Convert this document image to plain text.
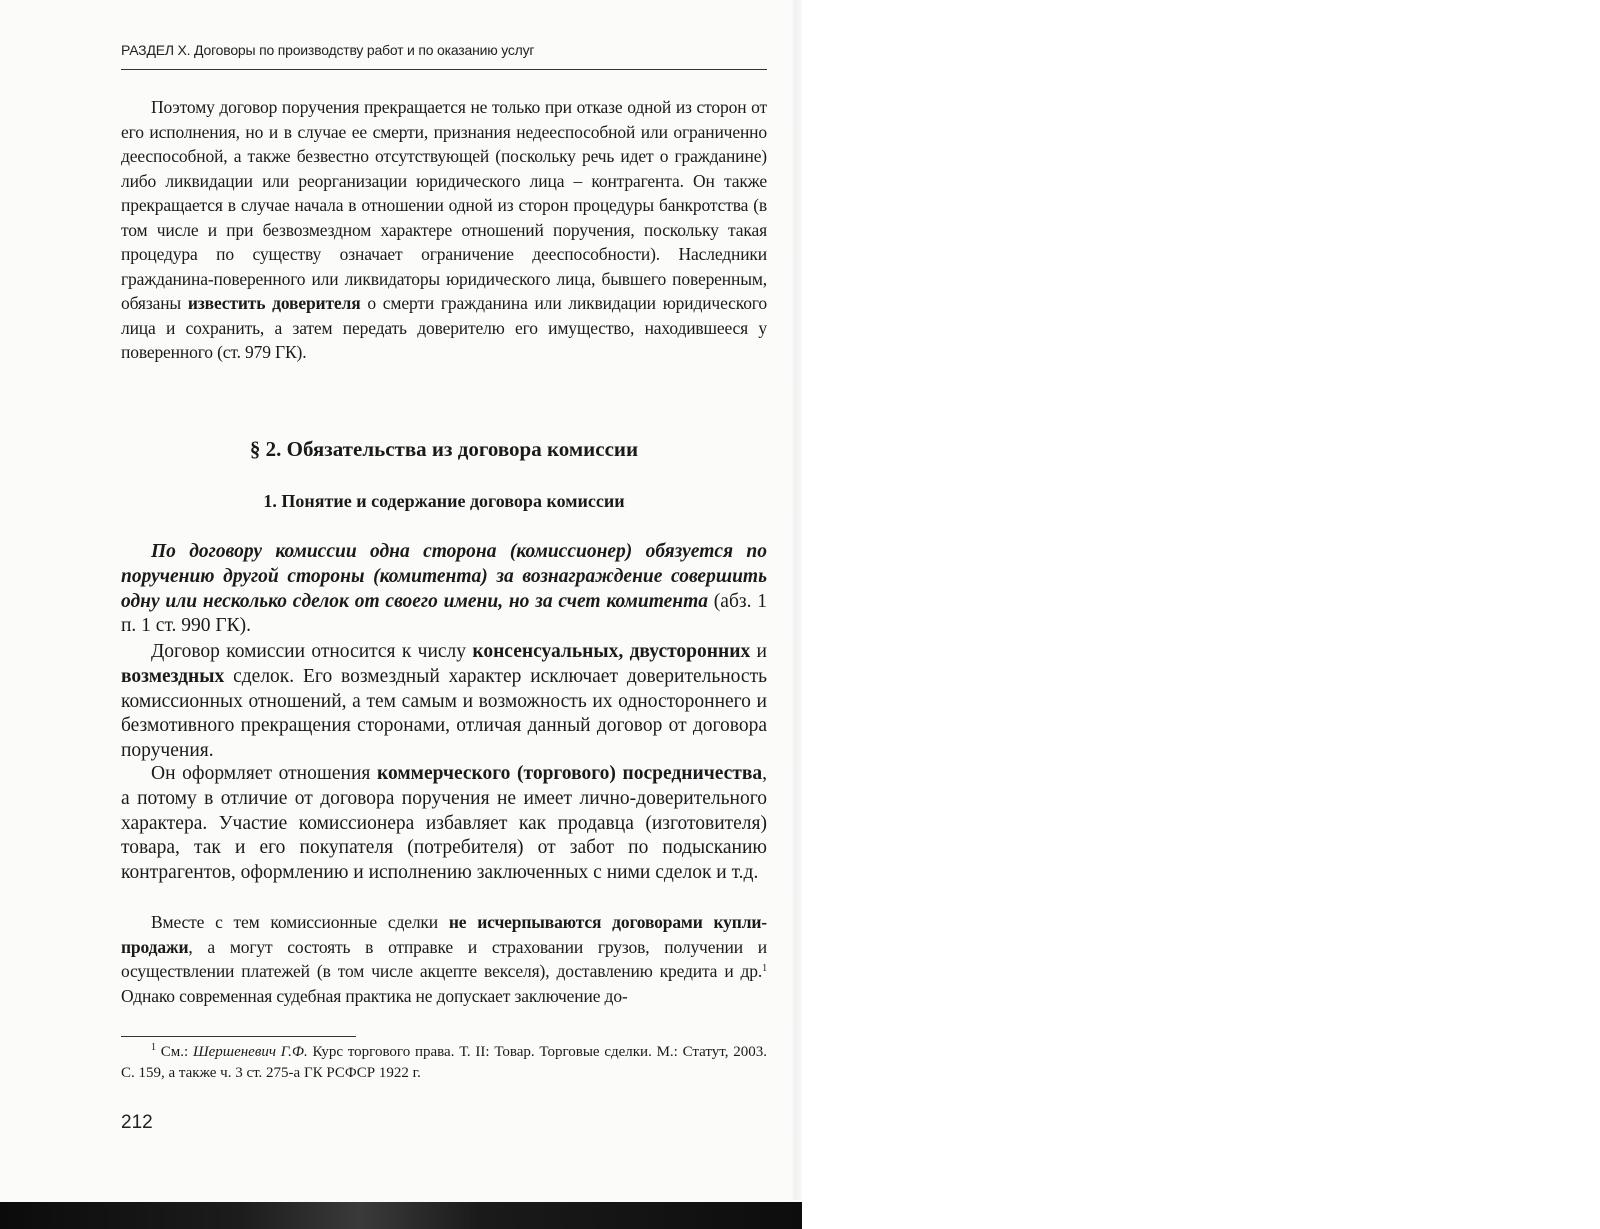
РАЗДЕЛ X. Договоры по производству работ и по оказанию услуг
Поэтому договор поручения прекращается не только при отказе одной из сторон от его исполнения, но и в случае ее смерти, признания недееспособной или ограниченно дееспособной, а также безвестно отсутствующей (поскольку речь идет о гражданине) либо ликвидации или реорганизации юридического лица – контрагента. Он также прекращается в случае начала в отношении одной из сторон процедуры банкротства (в том числе и при безвозмездном характере отношений поручения, поскольку такая процедура по существу означает ограничение дееспособности). Наследники гражданина-поверенного или ликвидаторы юридического лица, бывшего поверенным, обязаны известить доверителя о смерти гражданина или ликвидации юридического лица и сохранить, а затем передать доверителю его имущество, находившееся у поверенного (ст. 979 ГК).
§ 2. Обязательства из договора комиссии
1. Понятие и содержание договора комиссии
По договору комиссии одна сторона (комиссионер) обязуется по поручению другой стороны (комитента) за вознаграждение совершить одну или несколько сделок от своего имени, но за счет комитента (абз. 1 п. 1 ст. 990 ГК).
Договор комиссии относится к числу консенсуальных, двусторонних и возмездных сделок. Его возмездный характер исключает доверительность комиссионных отношений, а тем самым и возможность их одностороннего и безмотивного прекращения сторонами, отличая данный договор от договора поручения.
Он оформляет отношения коммерческого (торгового) посредничества, а потому в отличие от договора поручения не имеет лично-доверительного характера. Участие комиссионера избавляет как продавца (изготовителя) товара, так и его покупателя (потребителя) от забот по подысканию контрагентов, оформлению и исполнению заключенных с ними сделок и т.д.
Вместе с тем комиссионные сделки не исчерпываются договорами купли-продажи, а могут состоять в отправке и страховании грузов, получении и осуществлении платежей (в том числе акцепте векселя), доставлению кредита и др.$^1$ Однако современная судебная практика не допускает заключение до-
$^1$ См.: Шершеневич Г.Ф. Курс торгового права. Т. II: Товар. Торговые сделки. М.: Статут, 2003. С. 159, а также ч. 3 ст. 275-а ГК РСФСР 1922 г.
212
